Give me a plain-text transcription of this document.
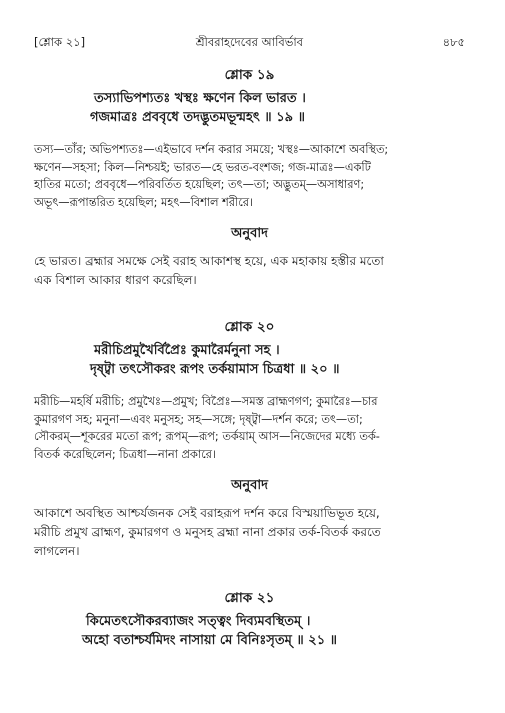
[শ্লোক ২১]	শ্রীবরাহদেবের আবির্ভাব	৪৮৫
শ্লোক ১৯
তস্যাভিপশ্যতঃ খস্থঃ ক্ষণেন কিল ভারত ।
গজমাত্রঃ প্রববৃধে তদদ্ভুতমভূন্মহৎ ॥ ১৯ ॥
তস্য—তাঁর; অভিপশ্যতঃ—এইভাবে দর্শন করার সময়ে; খস্থঃ—আকাশে অবস্থিত;
ক্ষণেন—সহসা; কিল—নিশ্চয়ই; ভারত—হে ভরত-বংশজ; গজ-মাত্রঃ—একটি
হাতির মতো; প্রববৃধে—পরিবর্তিত হয়েছিল; তৎ—তা; অদ্ভুতম্—অসাধারণ;
অভূৎ—রূপান্তরিত হয়েছিল; মহৎ—বিশাল শরীরে।
অনুবাদ
হে ভারত। ব্রহ্মার সমক্ষে সেই বরাহ আকাশস্থ হয়ে, এক মহাকায় হস্তীর মতো
এক বিশাল আকার ধারণ করেছিল।
শ্লোক ২০
মরীচিপ্রমুখৈর্বিপ্রৈঃ কুমারৈর্মনুনা সহ ।
দৃষ্ট্বা তৎসৌকরং রূপং তর্কয়ামাস চিত্রধা ॥ ২০ ॥
মরীচি—মহর্ষি মরীচি; প্রমুখৈঃ—প্রমুখ; বিপ্রৈঃ—সমস্ত ব্রাহ্মণগণ; কুমারৈঃ—চার
কুমারগণ সহ; মনুনা—এবং মনুসহ; সহ—সঙ্গে; দৃষ্ট্বা—দর্শন করে; তৎ—তা;
সৌকরম্—শূকরের মতো রূপ; রূপম্—রূপ; তর্কয়াম্ আস—নিজেদের মধ্যে তর্ক-
বিতর্ক করেছিলেন; চিত্রধা—নানা প্রকারে।
অনুবাদ
আকাশে অবস্থিত আশ্চর্যজনক সেই বরাহরূপ দর্শন করে বিস্ময়াভিভূত হয়ে,
মরীচি প্রমুখ ব্রাহ্মণ, কুমারগণ ও মনুসহ ব্রহ্মা নানা প্রকার তর্ক-বিতর্ক করতে
লাগলেন।
শ্লোক ২১
কিমেতৎসৌকরব্যাজং সত্ত্বং দিব্যমবস্থিতম্ ।
অহো বতাশ্চর্যমিদং নাসায়া মে বিনিঃসৃতম্ ॥ ২১ ॥
